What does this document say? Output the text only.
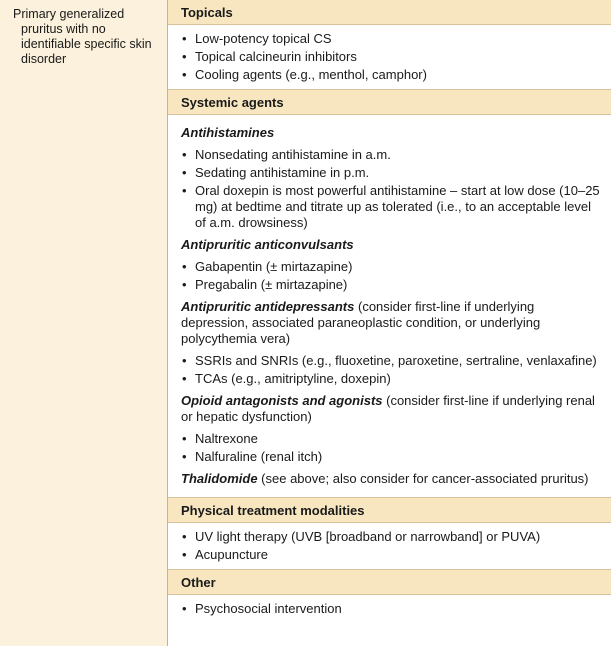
Primary generalized pruritus with no identifiable specific skin disorder
Topicals
• Low-potency topical CS
• Topical calcineurin inhibitors
• Cooling agents (e.g., menthol, camphor)
Systemic agents
Antihistamines
• Nonsedating antihistamine in a.m.
• Sedating antihistamine in p.m.
• Oral doxepin is most powerful antihistamine – start at low dose (10–25 mg) at bedtime and titrate up as tolerated (i.e., to an acceptable level of a.m. drowsiness)
Antipruritic anticonvulsants
• Gabapentin (± mirtazapine)
• Pregabalin (± mirtazapine)
Antipruritic antidepressants (consider first-line if underlying depression, associated paraneoplastic condition, or underlying polycythemia vera)
• SSRIs and SNRIs (e.g., fluoxetine, paroxetine, sertraline, venlaxafine)
• TCAs (e.g., amitriptyline, doxepin)
Opioid antagonists and agonists (consider first-line if underlying renal or hepatic dysfunction)
• Naltrexone
• Nalfuraline (renal itch)
Thalidomide (see above; also consider for cancer-associated pruritus)
Physical treatment modalities
• UV light therapy (UVB [broadband or narrowband] or PUVA)
• Acupuncture
Other
• Psychosocial intervention
